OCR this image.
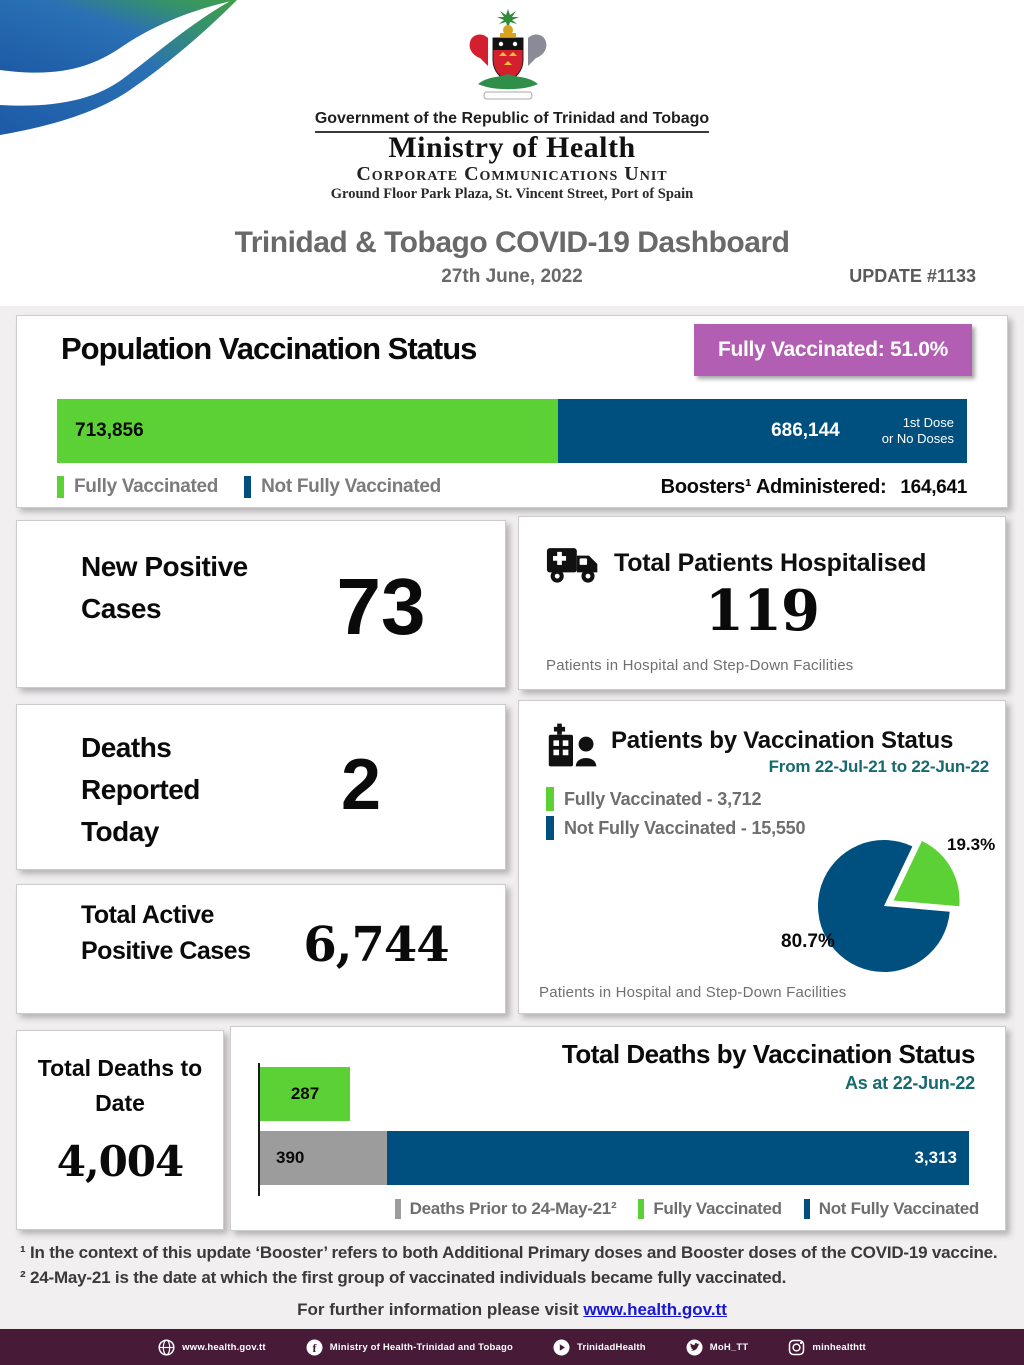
Government of the Republic of Trinidad and Tobago
Ministry of Health
Corporate Communications Unit
Ground Floor Park Plaza, St. Vincent Street, Port of Spain
Trinidad & Tobago COVID-19 Dashboard
27th June, 2022	UPDATE #1133
Population Vaccination Status	Fully Vaccinated: 51.0%
713,856	686,144	1st Dose
or No Doses
Fully Vaccinated Not Fully Vaccinated	Boosters¹ Administered: 164,641
New Positive Cases	73	Total Patients Hospitalised
119
Patients in Hospital and Step-Down Facilities
Deaths Reported Today
2
Patients by Vaccination Status
From 22-Jul-21 to 22-Jun-22
Fully Vaccinated - 3,712
Not Fully Vaccinated - 15,550
19.3%
80.7%
Patients in Hospital and Step-Down Facilities
Total Active Positive Cases	6,744
Total Deaths to Date
4,004
Total Deaths by Vaccination Status
As at 22-Jun-22
287
390	3,313
Deaths Prior to 24-May-21² Fully Vaccinated Not Fully Vaccinated
¹ In the context of this update ‘Booster’ refers to both Additional Primary doses and Booster doses of the COVID-19 vaccine.
² 24-May-21 is the date at which the first group of vaccinated individuals became fully vaccinated.
For further information please visit www.health.gov.tt
www.health.gov.tt	f Ministry of Health-Trinidad and Tobago	TrinidadHealth	MoH_TT	minhealthtt
